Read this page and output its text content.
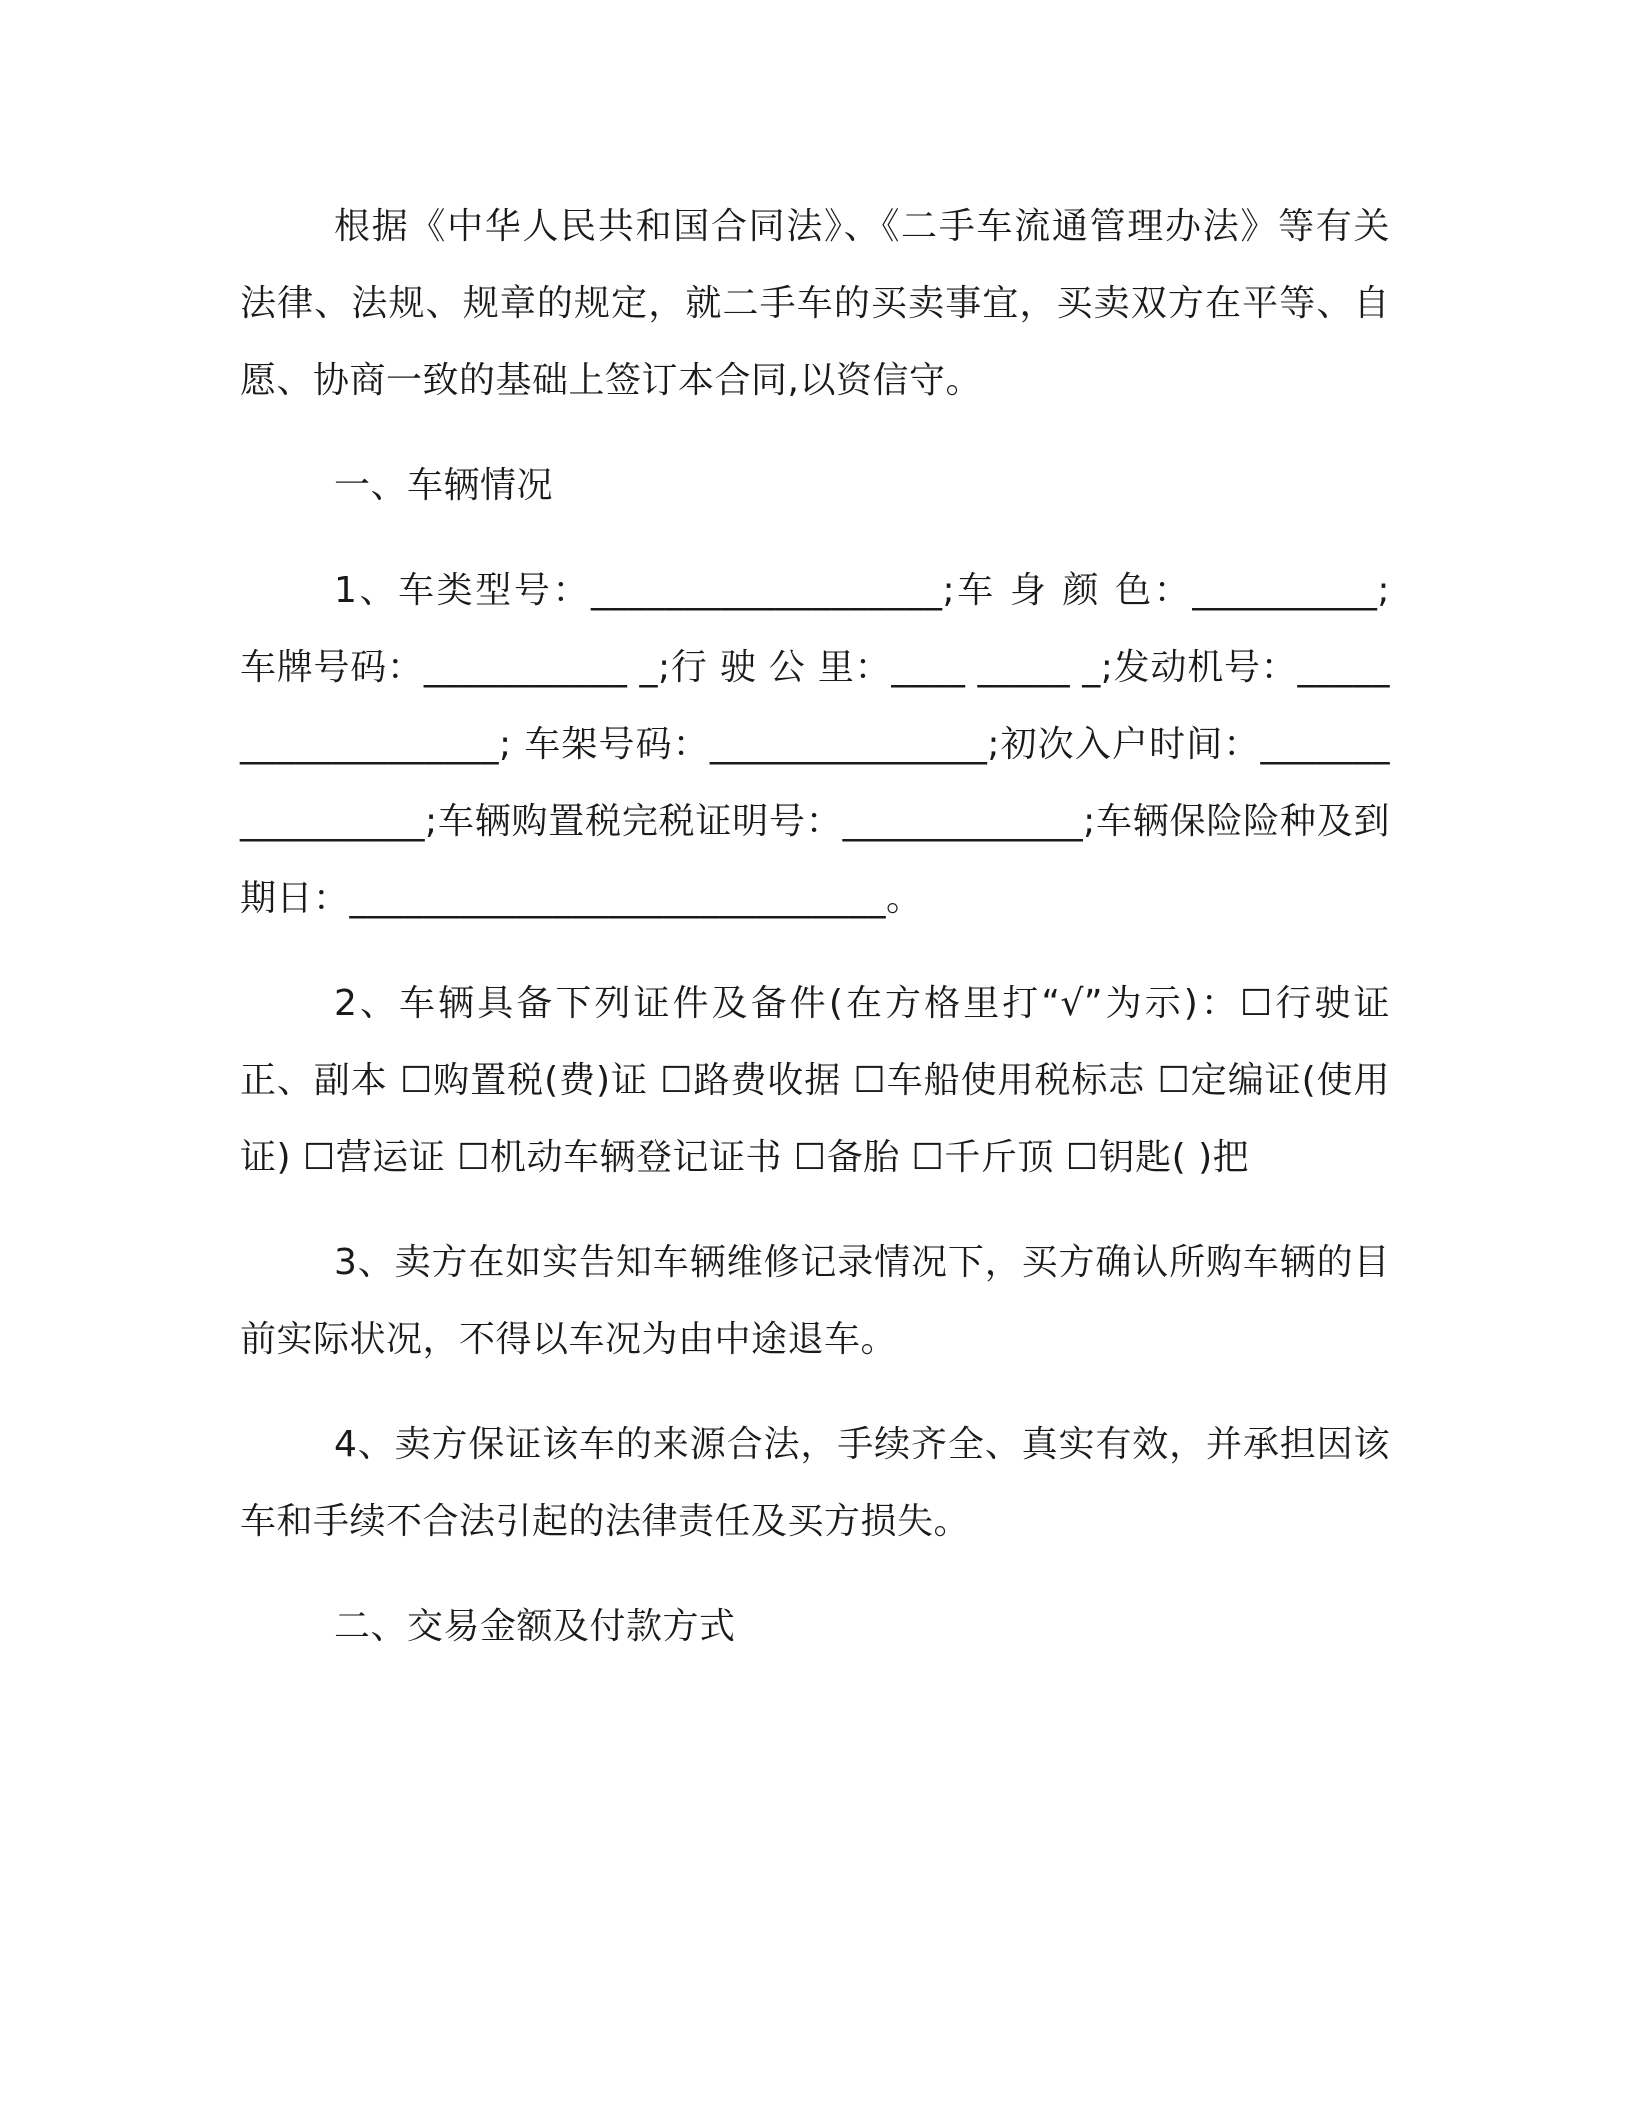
根据《中华人民共和国合同法》、《二手车流通管理办法》等有关法律、法规、规章的规定，就二手车的买卖事宜，买卖双方在平等、自愿、协商一致的基础上签订本合同,以资信守。

一、车辆情况

1、车类型号：___________________;车 身 颜 色：__________;车牌号码：___________ _;行 驶 公 里：____ _____ _;发动机号：___________________; 车架号码：_______________;初次入户时间：_________________;车辆购置税完税证明号：_____________;车辆保险险种及到期日：_____________________________。

2、车辆具备下列证件及备件(在方格里打“√”为示)：☐行驶证正、副本 ☐购置税(费)证 ☐路费收据 ☐车船使用税标志 ☐定编证(使用证) ☐营运证 ☐机动车辆登记证书 ☐备胎 ☐千斤顶 ☐钥匙( )把

3、卖方在如实告知车辆维修记录情况下，买方确认所购车辆的目前实际状况，不得以车况为由中途退车。

4、卖方保证该车的来源合法，手续齐全、真实有效，并承担因该车和手续不合法引起的法律责任及买方损失。

二、交易金额及付款方式
